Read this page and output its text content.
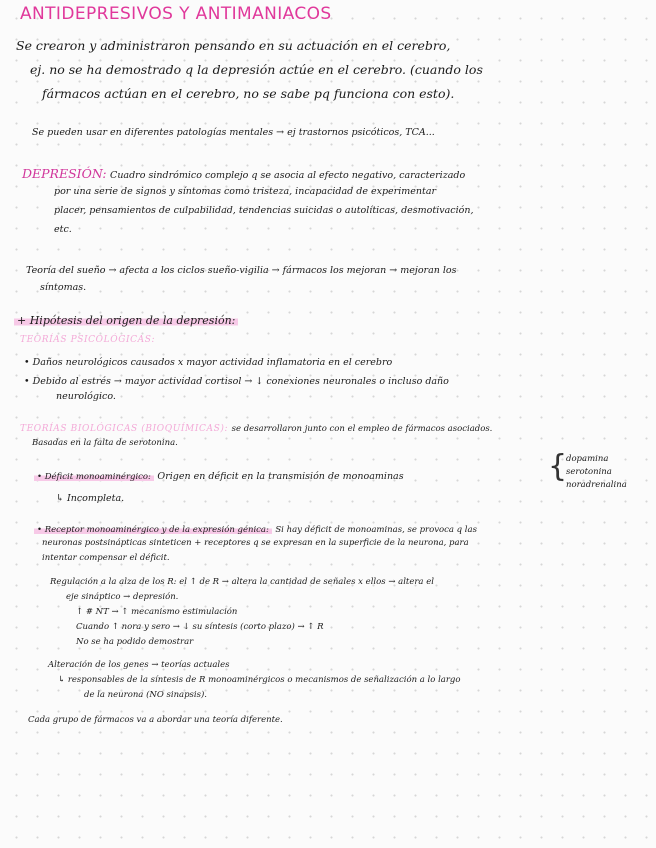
ANTIDEPRESIVOS Y ANTIMANIACOS
Se crearon y administraron pensando en su actuación en el cerebro,
ej. no se ha demostrado q la depresión actúe en el cerebro. (cuando los
fármacos actúan en el cerebro, no se sabe pq funciona con esto).
Se pueden usar en diferentes patologías mentales → ej trastornos psicóticos, TCA...
DEPRESIÓN: Cuadro sindrómico complejo q se asocia al efecto negativo, caracterizado
por una serie de signos y síntomas como tristeza, incapacidad de experimentar
placer, pensamientos de culpabilidad, tendencias suicidas o autolíticas, desmotivación,
etc.
Teoría del sueño → afecta a los ciclos sueño-vigilia → fármacos los mejoran → mejoran los
síntomas.
+ Hipótesis del origen de la depresión:
TEORÍAS PSICOLÓGICAS:
• Daños neurológicos causados x mayor actividad inflamatoria en el cerebro
• Debido al estrés → mayor actividad cortisol → ↓ conexiones neuronales o incluso daño
neurológico.
TEORÍAS BIOLÓGICAS (BIOQUÍMICAS): se desarrollaron junto con el empleo de fármacos asociados.
Basadas en la falta de serotonina.
• Déficit monoaminérgico: Origen en déficit en la transmisión de monoaminas	{
dopamina
serotonina
noradrenalina
↳ Incompleta.
• Receptor monoaminérgico y de la expresión génica: Si hay déficit de monoaminas, se provoca q las
neuronas postsinápticas sinteticen + receptores q se expresan en la superficie de la neurona, para
intentar compensar el déficit.
Regulación a la alza de los R: el ↑ de R → altera la cantidad de señales x ellos → altera el
eje sináptico → depresión.
↑ # NT → ↑ mecanismo estimulación
Cuando ↑ nora y sero → ↓ su síntesis (corto plazo) → ↑ R
No se ha podido demostrar
Alteración de los genes → teorías actuales
↳ responsables de la síntesis de R monoaminérgicos o mecanismos de señalización a lo largo
de la neurona (NO sinapsis).
Cada grupo de fármacos va a abordar una teoría diferente.
